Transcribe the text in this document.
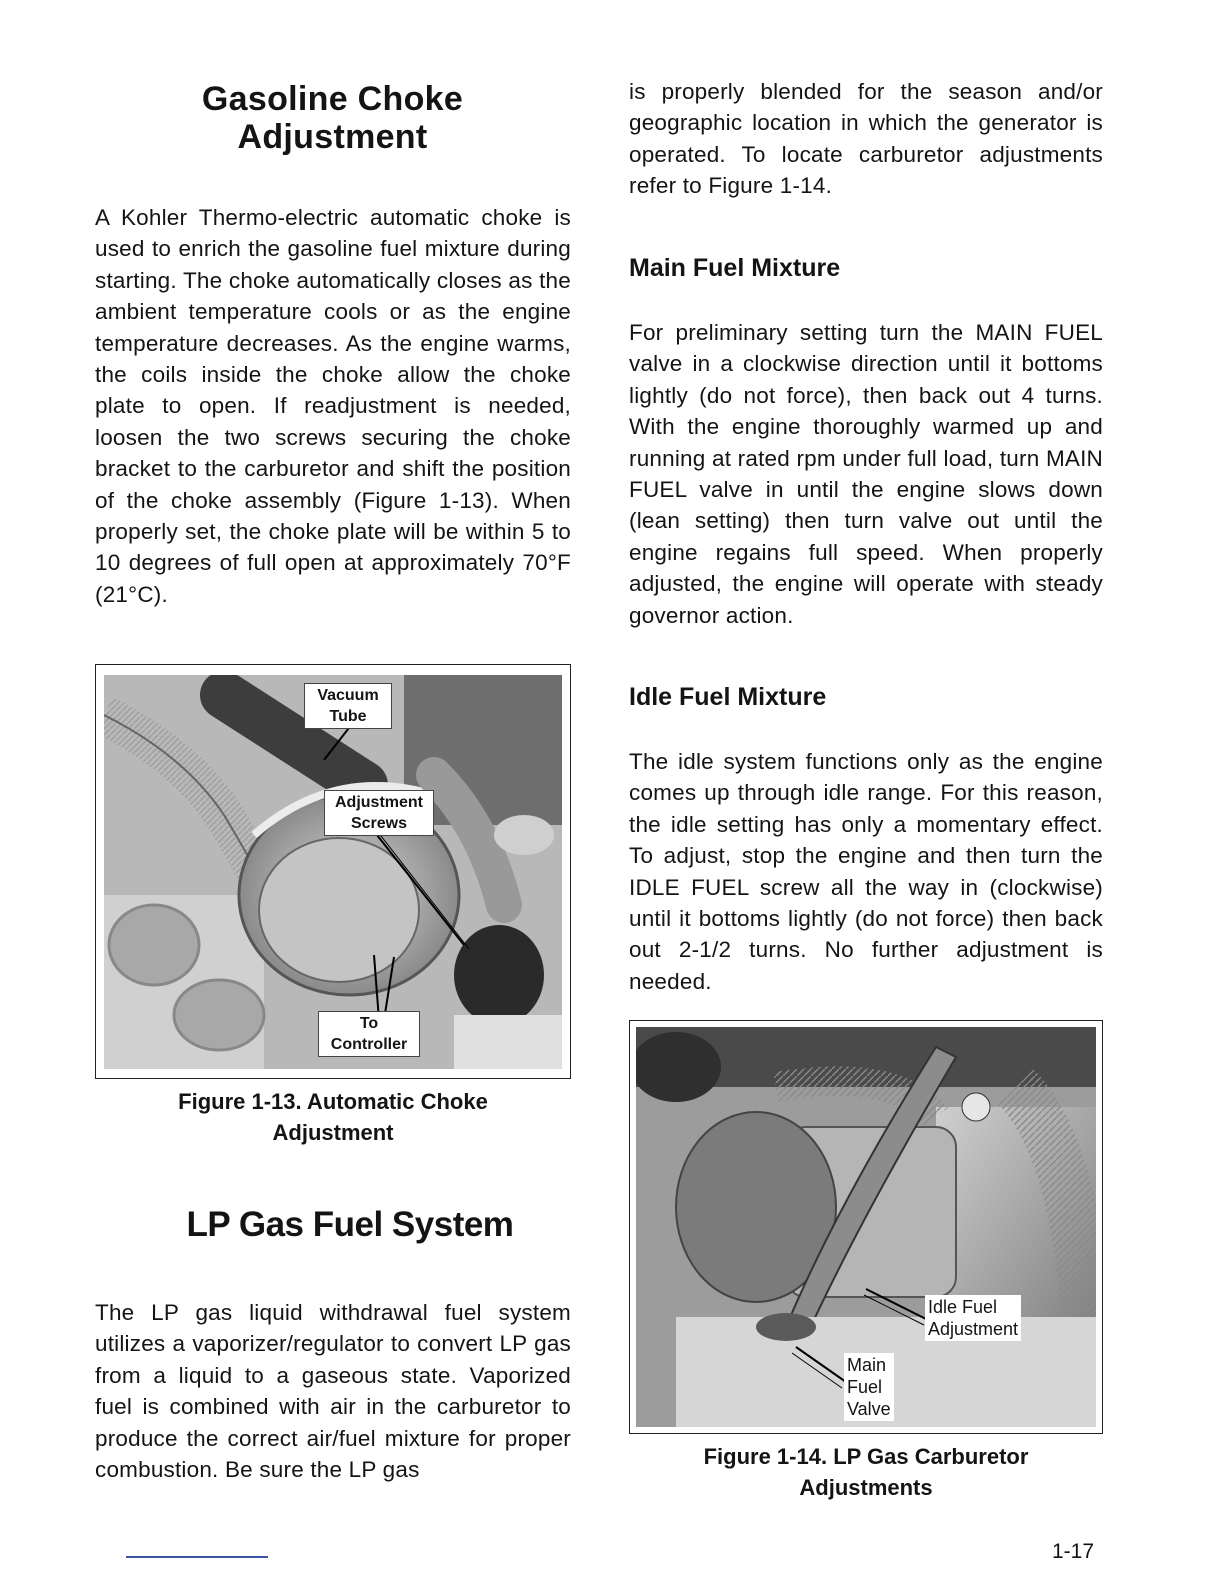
Gasoline Choke Adjustment

A Kohler Thermo-electric automatic choke is used to enrich the gasoline fuel mixture during starting. The choke automatically closes as the ambient temperature cools or as the engine temperature decreases. As the engine warms, the coils inside the choke allow the choke plate to open. If readjustment is needed, loosen the two screws securing the choke bracket to the carburetor and shift the position of the choke assembly (Figure 1-13). When properly set, the choke plate will be within 5 to 10 degrees of full open at approximately 70°F (21°C).

Vacuum
Tube
Adjustment
Screws
To
Controller
Figure 1-13. Automatic Choke
Adjustment
LP Gas Fuel System

The LP gas liquid withdrawal fuel system utilizes a vaporizer/regulator to convert LP gas from a liquid to a gaseous state. Vaporized fuel is combined with air in the carburetor to produce the correct air/fuel mixture for proper combustion. Be sure the LP gas

is properly blended for the season and/or geographic location in which the generator is operated. To locate carburetor adjustments refer to Figure 1-14.

Main Fuel Mixture

For preliminary setting turn the MAIN FUEL valve in a clockwise direction until it bottoms lightly (do not force), then back out 4 turns. With the engine thoroughly warmed up and running at rated rpm under full load, turn MAIN FUEL valve in until the engine slows down (lean setting) then turn valve out until the engine regains full speed. When properly adjusted, the engine will operate with steady governor action.

Idle Fuel Mixture

The idle system functions only as the engine comes up through idle range. For this reason, the idle setting has only a momentary effect. To adjust, stop the engine and then turn the IDLE FUEL screw all the way in (clockwise) until it bottoms lightly (do not force) then back out 2-1/2 turns. No further adjustment is needed.

Idle Fuel
Adjustment
Main
Fuel
Valve
Figure 1-14. LP Gas Carburetor
Adjustments
1-17
